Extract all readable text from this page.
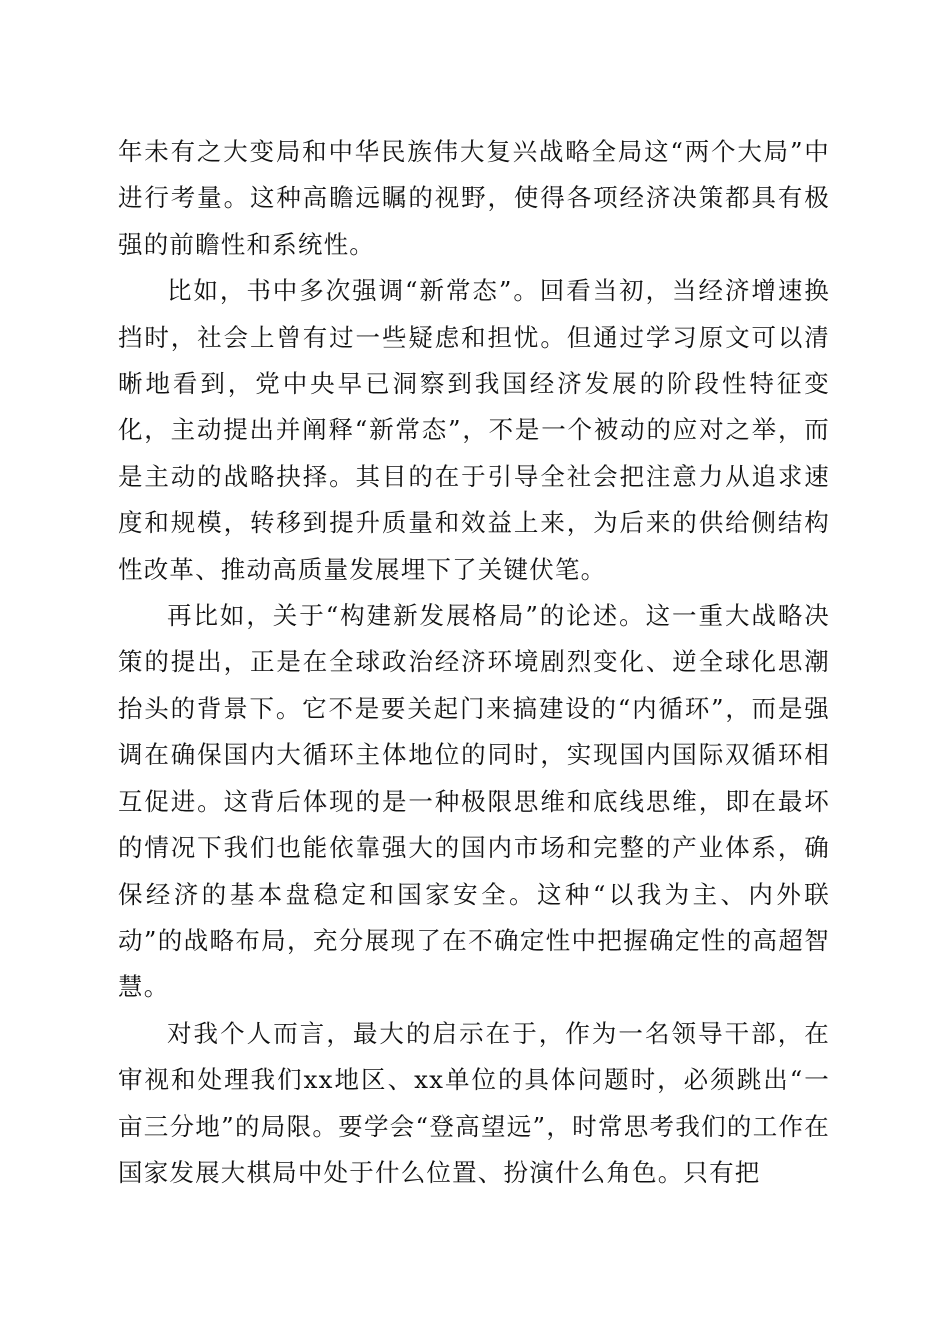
年未有之大变局和中华民族伟大复兴战略全局这“两个大局”中进行考量。这种高瞻远瞩的视野，使得各项经济决策都具有极强的前瞻性和系统性。

比如，书中多次强调“新常态”。回看当初，当经济增速换挡时，社会上曾有过一些疑虑和担忧。但通过学习原文可以清晰地看到，党中央早已洞察到我国经济发展的阶段性特征变化，主动提出并阐释“新常态”，不是一个被动的应对之举，而是主动的战略抉择。其目的在于引导全社会把注意力从追求速度和规模，转移到提升质量和效益上来，为后来的供给侧结构性改革、推动高质量发展埋下了关键伏笔。

再比如，关于“构建新发展格局”的论述。这一重大战略决策的提出，正是在全球政治经济环境剧烈变化、逆全球化思潮抬头的背景下。它不是要关起门来搞建设的“内循环”，而是强调在确保国内大循环主体地位的同时，实现国内国际双循环相互促进。这背后体现的是一种极限思维和底线思维，即在最坏的情况下我们也能依靠强大的国内市场和完整的产业体系，确保经济的基本盘稳定和国家安全。这种“以我为主、内外联动”的战略布局，充分展现了在不确定性中把握确定性的高超智慧。

对我个人而言，最大的启示在于，作为一名领导干部，在审视和处理我们xx地区、xx单位的具体问题时，必须跳出“一亩三分地”的局限。要学会“登高望远”，时常思考我们的工作在国家发展大棋局中处于什么位置、扮演什么角色。只有把
